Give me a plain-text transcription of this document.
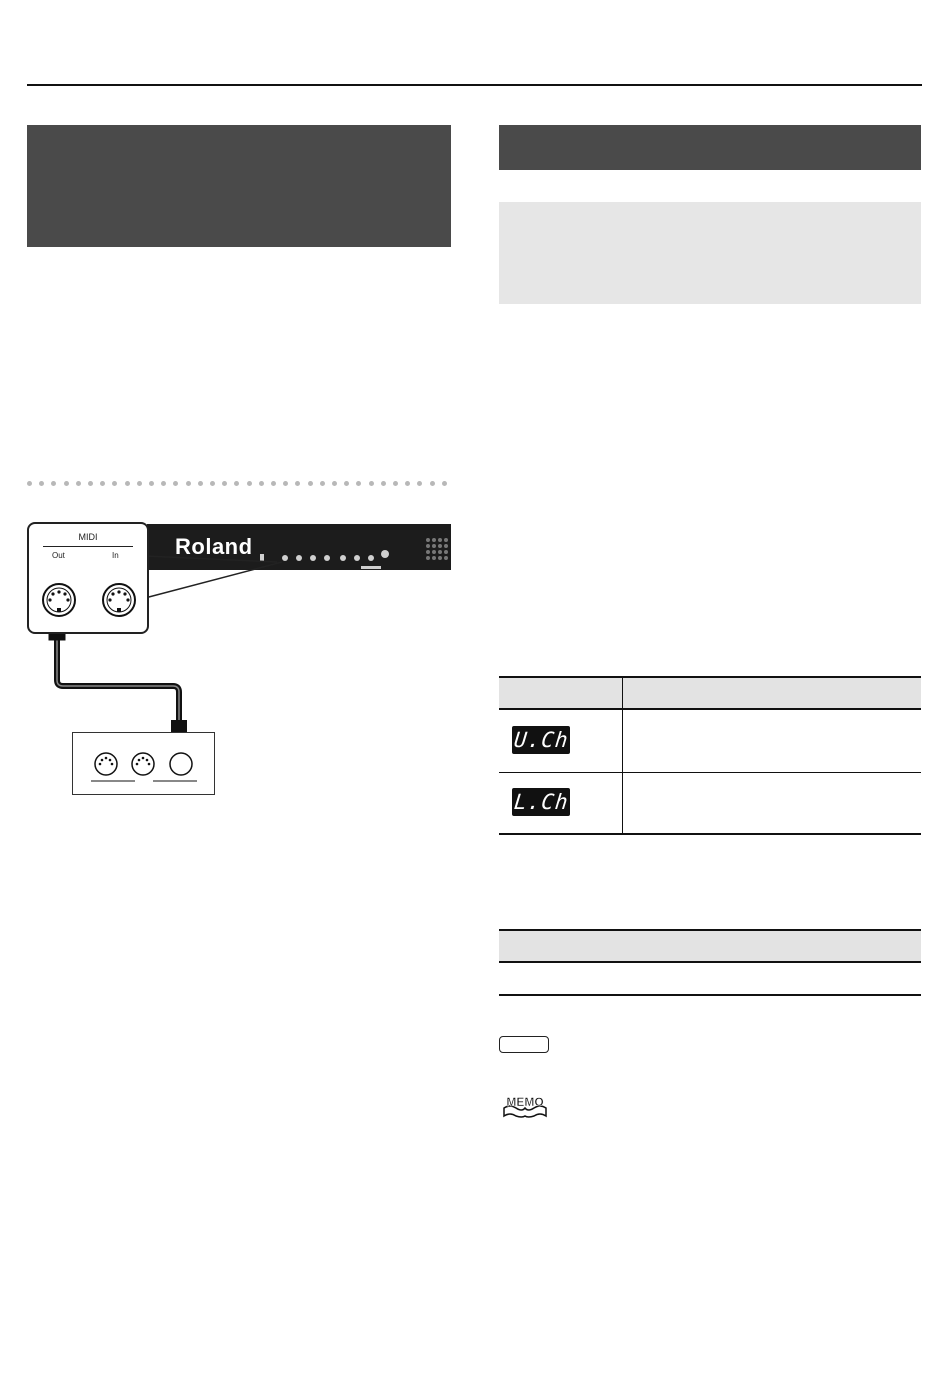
Roland
MIDI
Out	In
U.Ch
L.Ch
MEMO
